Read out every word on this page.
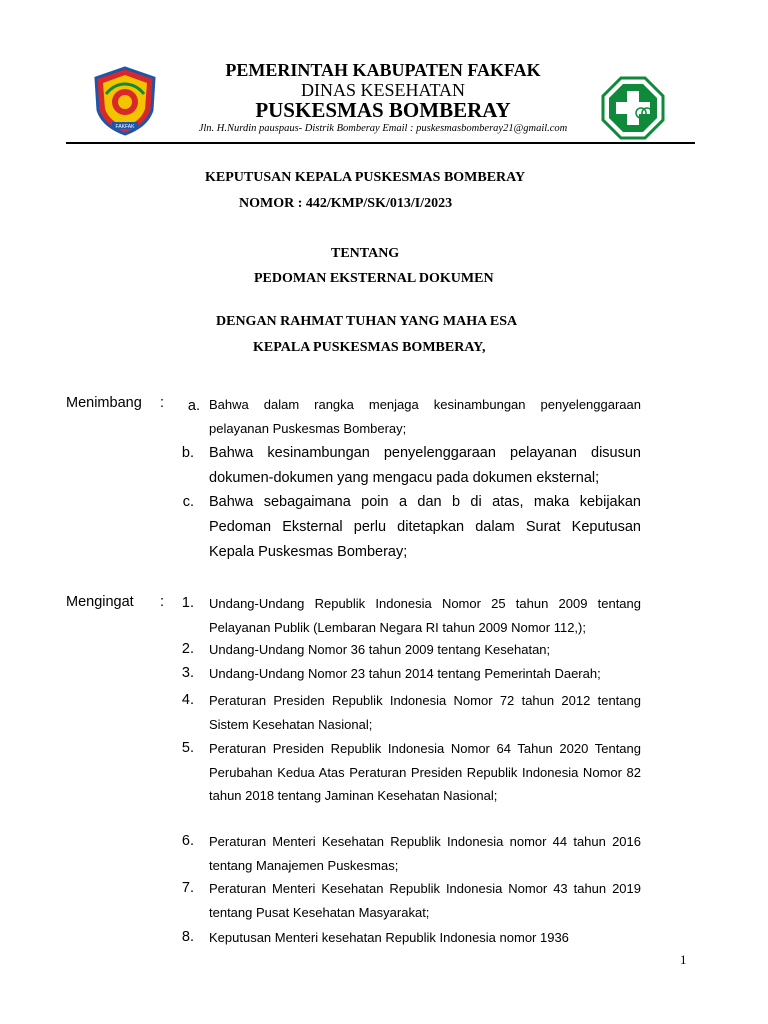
FAKFAK
PEMERINTAH KABUPATEN FAKFAK
DINAS KESEHATAN
PUSKESMAS BOMBERAY
Jln. H.Nurdin pauspaus- Distrik Bomberay Email : puskesmasbomberay21@gmail.com
KEPUTUSAN KEPALA PUSKESMAS BOMBERAY
NOMOR : 442/KMP/SK/013/I/2023
TENTANG
PEDOMAN EKSTERNAL DOKUMEN
DENGAN RAHMAT TUHAN YANG MAHA ESA
KEPALA PUSKESMAS BOMBERAY,
Menimbang :	a. Bahwa dalam rangka menjaga kesinambungan penyelenggaraan pelayanan Puskesmas Bomberay;
b. Bahwa kesinambungan penyelenggaraan pelayanan disusun dokumen-dokumen yang mengacu pada dokumen eksternal;
c. Bahwa sebagaimana poin a dan b di atas, maka kebijakan Pedoman Eksternal perlu ditetapkan dalam Surat Keputusan Kepala Puskesmas Bomberay;
Mengingat :	1. Undang-Undang Republik Indonesia Nomor 25 tahun 2009 tentang Pelayanan Publik (Lembaran Negara RI tahun 2009 Nomor 112,);
2. Undang-Undang Nomor 36 tahun 2009 tentang Kesehatan;
3. Undang-Undang Nomor 23 tahun 2014 tentang Pemerintah Daerah;
4. Peraturan Presiden Republik Indonesia Nomor 72 tahun 2012 tentang Sistem Kesehatan Nasional;
5. Peraturan Presiden Republik Indonesia Nomor 64 Tahun 2020 Tentang Perubahan Kedua Atas Peraturan Presiden Republik Indonesia Nomor 82 tahun 2018 tentang Jaminan Kesehatan Nasional;
6. Peraturan Menteri Kesehatan Republik Indonesia nomor 44 tahun 2016 tentang Manajemen Puskesmas;
7. Peraturan Menteri Kesehatan Republik Indonesia Nomor 43 tahun 2019 tentang Pusat Kesehatan Masyarakat;
8. Keputusan Menteri kesehatan Republik Indonesia nomor 1936
1
